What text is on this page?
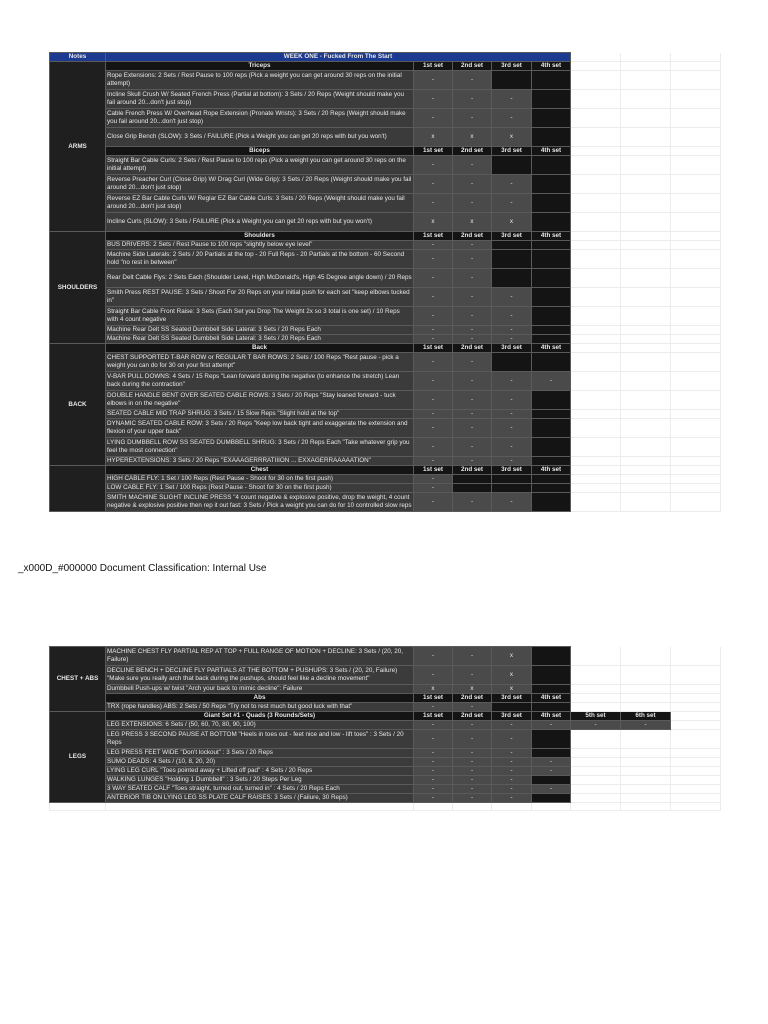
_x000D_#000000 Document Classification: Internal Use
Notes	WEEK ONE - Fucked From The Start							
ARMS	Triceps	1st set	2nd set	3rd set	4th set			
	Rope Extensions: 2 Sets / Rest Pause to 100 reps (Pick a weight you can get around 30 reps on the initial attempt)	-	-					
	Incline Skull Crush W/ Seated French Press (Partial at bottom): 3 Sets / 20 Reps (Weight should make you fail around 20...don't just stop)	-	-	-				
	Cable French Press W/ Overhead Rope Extension (Pronate Wrists): 3 Sets / 20 Reps (Weight should make you fail around 20...don't just stop)	-	-	-				
	Close Grip Bench (SLOW): 3 Sets / FAILURE (Pick a Weight you can get 20 reps with but you won't)	x	x	x				
	Biceps	1st set	2nd set	3rd set	4th set			
	Straight Bar Cable Curls: 2 Sets / Rest Pause to 100 reps (Pick a weight you can get around 30 reps on the initial attempt)	-	-					
	Reverse Preacher Curl (Close Grip) W/ Drag Curl (Wide Grip): 3 Sets / 20 Reps (Weight should make you fail around 20...don't just stop)	-	-	-				
	Reverse EZ Bar Cable Curls W/ Reglar EZ Bar Cable Curls: 3 Sets / 20 Reps (Weight should make you fail around 20...don't just stop)	-	-	-				
	Incline Curls (SLOW): 3 Sets / FAILURE (Pick a Weight you can get 20 reps with but you won't)	x	x	x				
SHOULDERS	Shoulders	1st set	2nd set	3rd set	4th set			
	BUS DRIVERS: 2 Sets / Rest Pause to 100 reps "slightly below eye level"	-	-					
	Machine Side Laterals: 2 Sets / 20 Partials at the top - 20 Full Reps - 20 Partials at the bottom - 60 Second hold "no rest in between"	-	-					
	Rear Delt Cable Flys: 2 Sets Each (Shoulder Level, High McDonald's, High 45 Degree angle down) / 20 Reps	-	-					
	Smith Press REST PAUSE: 3 Sets / Shoot For 20 Reps on your initial push for each set "keep elbows tucked in"	-	-	-				
	Straight Bar Cable Front Raise: 3 Sets (Each Set you Drop The Weight 2x so 3 total is one set) / 10 Reps with 4 count negative	-	-	-				
	Machine Rear Delt SS Seated Dumbbell Side Lateral: 3 Sets / 20 Reps Each	-	-	-				
	Machine Rear Delt SS Seated Dumbbell Side Lateral: 3 Sets / 20 Reps Each	-	-	-				
BACK	Back	1st set	2nd set	3rd set	4th set			
	CHEST SUPPORTED T-BAR ROW or REGULAR T BAR ROWS: 2 Sets / 100 Reps "Rest pause - pick a weight you can do for 30 on your first attempt"	-	-					
	V-BAR PULL DOWNS: 4 Sets / 15 Reps "Lean forward during the negative (to enhance the stretch) Lean back during the contraction"	-	-	-	-			
	DOUBLE HANDLE BENT OVER SEATED CABLE ROWS: 3 Sets / 20 Reps "Stay leaned forward - tuck elbows in on the negative"	-	-	-				
	SEATED CABLE MID TRAP SHRUG: 3 Sets / 15 Slow Reps "Slight hold at the top"	-	-	-				
	DYNAMIC SEATED CABLE ROW: 3 Sets / 20 Reps "Keep low back tight and exaggerate the extension and flexion of your upper back"	-	-	-				
	LYING DUMBBELL ROW SS SEATED DUMBBELL SHRUG: 3 Sets / 20 Reps Each "Take whatever grip you feel the most connection"	-	-	-				
	HYPEREXTENSIONS: 3 Sets / 20 Reps "EXAAAGERRRATIIION ... EXXAGERRAAAAATION"	-	-	-				
	Chest	1st set	2nd set	3rd set	4th set			
	HIGH CABLE FLY: 1 Set / 100 Reps (Rest Pause - Shoot for 30 on the first push)	-						
	LOW CABLE FLY: 1 Set / 100 Reps (Rest Pause - Shoot for 30 on the first push)	-						
	SMITH MACHINE SLIGHT INCLINE PRESS "4 count negative & explosive positive, drop the weight, 4 count negative & explosive positive then rep it out fast: 3 Sets / Pick a weight you can do for 10 controlled slow reps	-	-	-				
CHEST + ABS	MACHINE CHEST FLY PARTIAL REP AT TOP + FULL RANGE OF MOTION + DECLINE: 3 Sets / (20, 20, Failure)	-	-	x				
	DECLINE BENCH + DECLINE FLY PARTIALS AT THE BOTTOM + PUSHUPS: 3 Sets / (20, 20, Failure) "Make sure you really arch that back during the pushups, should feel like a decline movement"	-	-	x				
	Dumbbell Push-ups w/ twist "Arch your back to mimic decline": Failure	x	x	x				
	Abs	1st set	2nd set	3rd set	4th set			
	TRX (rope handles) ABS: 2 Sets / 50 Reps "Try not to rest much but good luck with that"	-	-					
LEGS	Giant Set #1 - Quads (3 Rounds/Sets)	1st set	2nd set	3rd set	4th set	5th set	6th set	
	LEG EXTENSIONS: 6 Sets / (50, 60, 70, 80, 90, 100)	-	-	-	-	-	-	
	LEG PRESS 3 SECOND PAUSE AT BOTTOM "Heels in toes out - feet nice and low - lift toes" : 3 Sets / 20 Reps	-	-	-				
	LEG PRESS FEET WIDE "Don't lockout" : 3 Sets / 20 Reps	-	-	-				
	SUMO DEADS: 4 Sets / (10, 8, 20, 20)	-	-	-	-			
	LYING LEG CURL "Toes pointed away + Lifted off pad" : 4 Sets / 20 Reps	-	-	-	-			
	WALKING LUNGES "Holding 1 Dumbbell" : 3 Sets / 20 Steps Per Leg	-	-	-				
	3 WAY SEATED CALF "Toes straight, turned out, turned in" : 4 Sets / 20 Reps Each	-	-	-	-			
	ANTERIOR TIB ON LYING LEG SS PLATE CALF RAISES: 3 Sets / (Failure, 30 Reps)	-	-	-				
